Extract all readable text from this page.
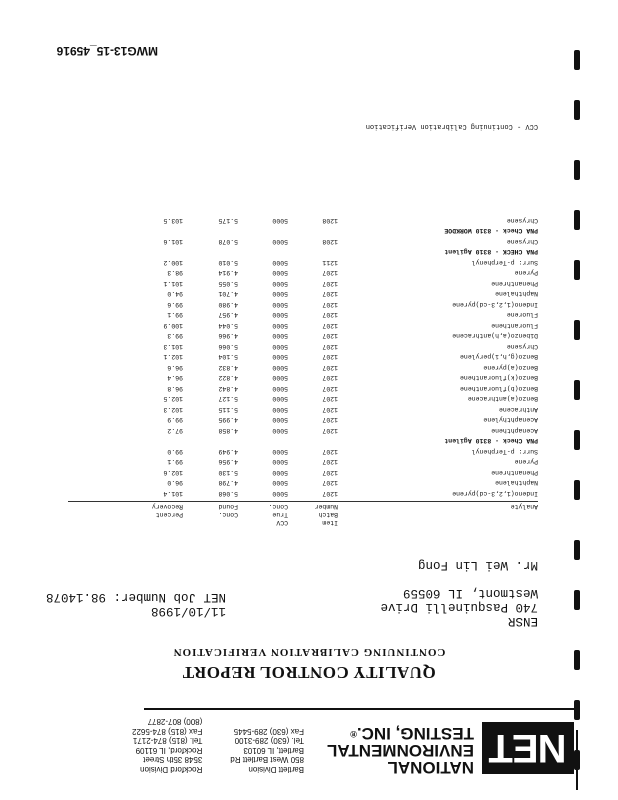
NET
NATIONAL
ENVIRONMENTAL
TESTING, INC.®
Bartlett Division
850 West Bartlett Rd
Bartlett, IL 60103
Tel. (630) 289-3100
Fax (630) 289-5445
Rockford Division
3548 35th Street
Rockford, IL 61109
Tel. (815) 874-2171
Fax (815) 874-5622
(800) 807-2877
QUALITY CONTROL REPORT
CONTINUING CALIBRATION VERIFICATION
ENSR
740 Pasquinelli Drive
Westmont, IL 60559
Mr. Wei Lin Fong
11/10/1998
NET Job Number: 98.14078
Analyte
Item
Batch
Number
CCV
True
Conc.
Conc.
Found
Percent
Recovery
Indeno(1,2,3-cd)pyrene
1207
5000
5.068
101.4
Naphthalene
1207
5000
4.798
96.0
Phenanthrene
1207
5000
5.130
102.6
Pyrene
1207
5000
4.956
99.1
Surr: p-Terphenyl
1207
5000
4.949
99.0
PNA Check - 8310 Agilent
Acenaphthene
1207
5000
4.858
97.2
Acenaphthylene
1207
5000
4.995
99.9
Anthracene
1207
5000
5.115
102.3
Benzo(a)anthracene
1207
5000
5.127
102.5
Benzo(b)fluoranthene
1207
5000
4.842
96.8
Benzo(k)fluoranthene
1207
5000
4.822
96.4
Benzo(a)pyrene
1207
5000
4.832
96.6
Benzo(g,h,i)perylene
1207
5000
5.104
102.1
Chrysene
1207
5000
5.066
101.3
Dibenzo(a,h)anthracene
1207
5000
4.966
99.3
Fluoranthene
1207
5000
5.044
100.9
Fluorene
1207
5000
4.957
99.1
Indeno(1,2,3-cd)pyrene
1207
5000
4.980
99.6
Naphthalene
1207
5000
4.701
94.0
Phenanthrene
1207
5000
5.055
101.1
Pyrene
1207
5000
4.914
98.3
Surr: p-Terphenyl
1211
5000
5.010
100.2
PNA CHECK - 8310 Agilent
Chrysene
1208
5000
5.078
101.6
PNA Check - 8310 WORKDOE
Chrysene
1208
5000
5.175
103.5
CCV - Continuing Calibration Verification
MWG13-15_45916
